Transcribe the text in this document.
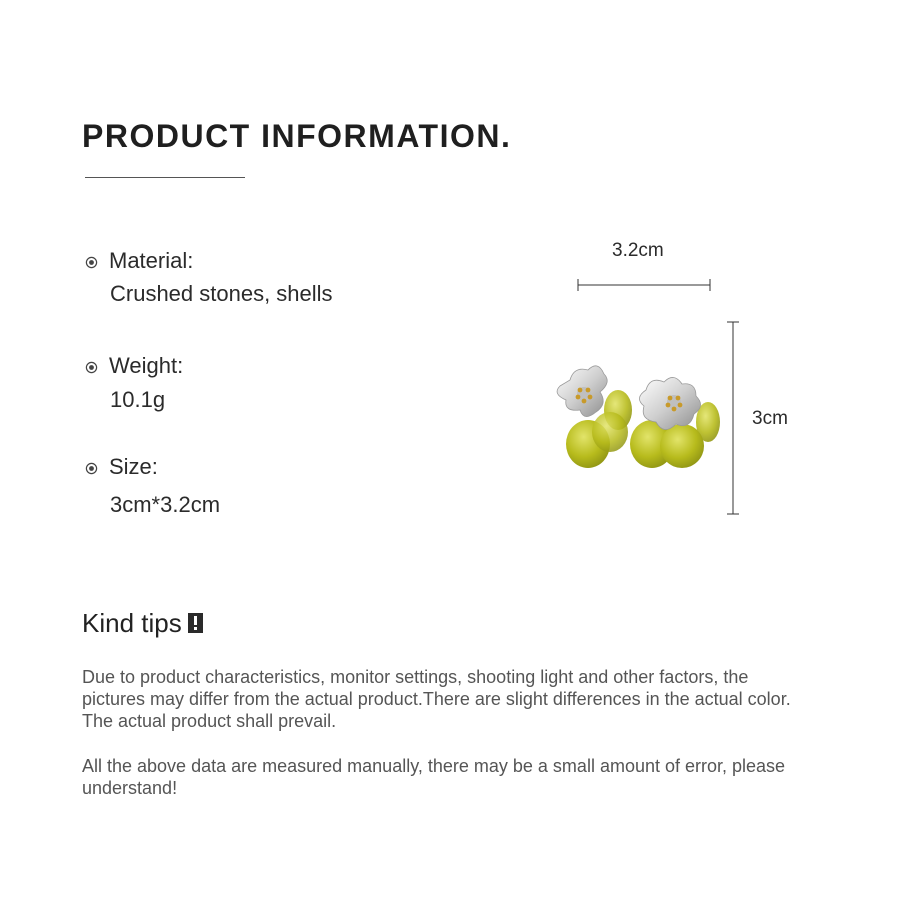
PRODUCT INFORMATION.
Material:
Crushed stones, shells
Weight:
10.1g
Size:
3cm*3.2cm
3.2cm
3cm
Kind tips
Due to product characteristics, monitor settings, shooting light and other factors, the pictures may differ from the actual product.There are slight differences in the actual color. The actual product shall prevail.
All the above data are measured manually, there may be a small amount of error, please understand!
